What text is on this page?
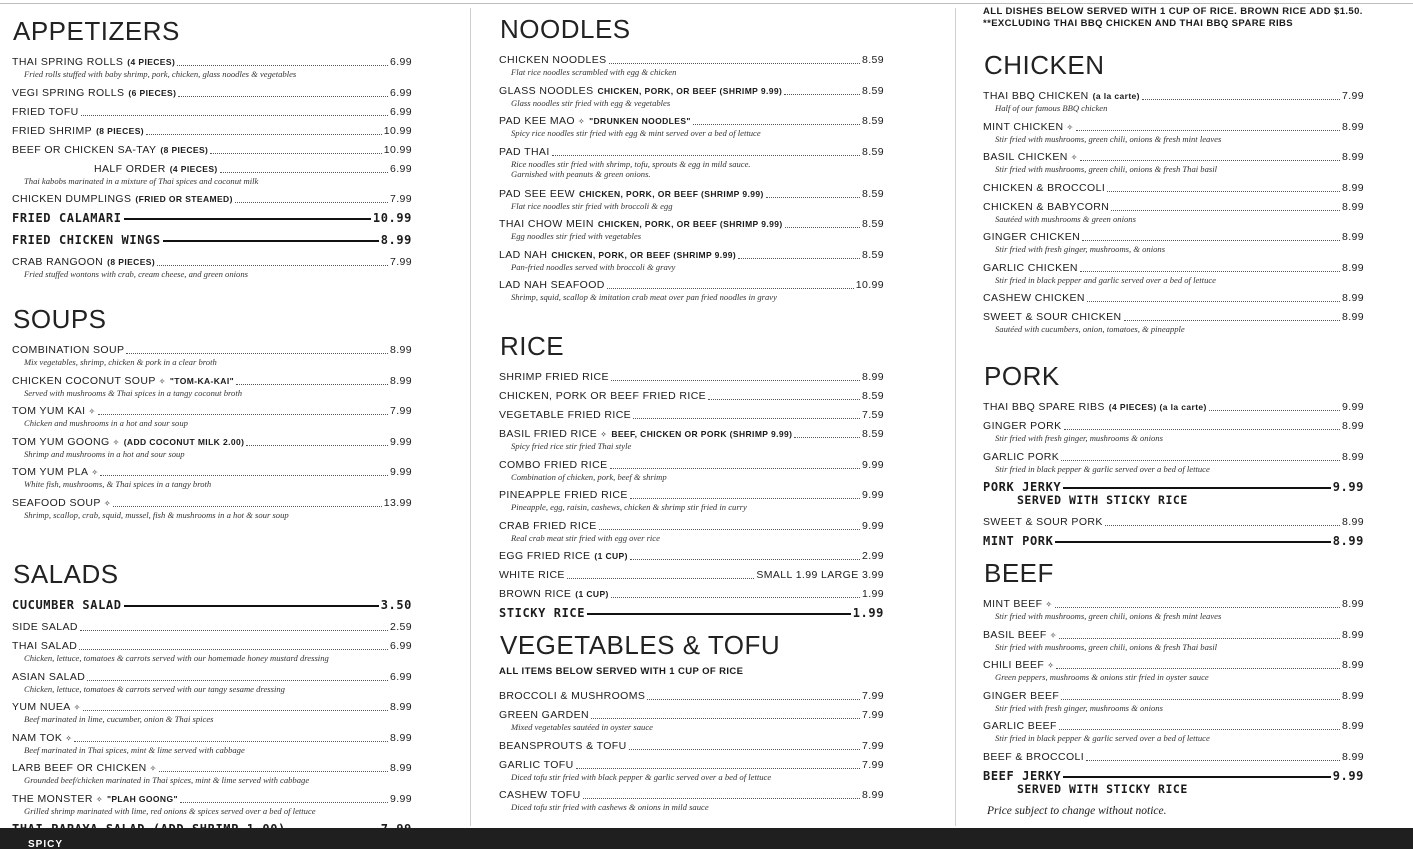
APPETIZERS
THAI SPRING ROLLS (4 PIECES)	6.99
Fried rolls stuffed with baby shrimp, pork, chicken, glass noodles & vegetables
VEGI SPRING ROLLS (6 PIECES)	6.99
FRIED TOFU	6.99
FRIED SHRIMP (8 PIECES)	10.99
BEEF OR CHICKEN SA-TAY (8 PIECES)	10.99
HALF ORDER (4 PIECES)	6.99
Thai kabobs marinated in a mixture of Thai spices and coconut milk
CHICKEN DUMPLINGS (FRIED OR STEAMED)	7.99
FRIED CALAMARI	10.99
FRIED CHICKEN WINGS	8.99
CRAB RANGOON (8 PIECES)	7.99
Fried stuffed wontons with crab, cream cheese, and green onions
SOUPS
COMBINATION SOUP	8.99
Mix vegetables, shrimp, chicken & pork in a clear broth
CHICKEN COCONUT SOUP ✧ "TOM-KA-KAI"	8.99
Served with mushrooms & Thai spices in a tangy coconut broth
TOM YUM KAI ✧	7.99
Chicken and mushrooms in a hot and sour soup
TOM YUM GOONG ✧ (ADD COCONUT MILK 2.00)	9.99
Shrimp and mushrooms in a hot and sour soup
TOM YUM PLA ✧	9.99
White fish, mushrooms, & Thai spices in a tangy broth
SEAFOOD SOUP ✧	13.99
Shrimp, scallop, crab, squid, mussel, fish & mushrooms in a hot & sour soup
SALADS
CUCUMBER SALAD	3.50
SIDE SALAD	2.59
THAI SALAD	6.99
Chicken, lettuce, tomatoes & carrots served with our homemade honey mustard dressing
ASIAN SALAD	6.99
Chicken, lettuce, tomatoes & carrots served with our tangy sesame dressing
YUM NUEA ✧	8.99
Beef marinated in lime, cucumber, onion & Thai spices
NAM TOK ✧	8.99
Beef marinated in Thai spices, mint & lime served with cabbage
LARB BEEF OR CHICKEN ✧	8.99
Grounded beef/chicken marinated in Thai spices, mint & lime served with cabbage
THE MONSTER ✧ "PLAH GOONG"	9.99
Grilled shrimp marinated with lime, red onions & spices served over a bed of lettuce
NOODLES
CHICKEN NOODLES	8.59
Flat rice noodles scrambled with egg & chicken
GLASS NOODLES CHICKEN, PORK, OR BEEF (SHRIMP 9.99)	8.59
Glass noodles stir fried with egg & vegetables
PAD KEE MAO ✧ "DRUNKEN NOODLES"	8.59
Spicy rice noodles stir fried with egg & mint served over a bed of lettuce
PAD THAI	8.59
Rice noodles stir fried with shrimp, tofu, sprouts & egg in mild sauce.
Garnished with peanuts & green onions.
PAD SEE EEW CHICKEN, PORK, OR BEEF (SHRIMP 9.99)	8.59
Flat rice noodles stir fried with broccoli & egg
THAI CHOW MEIN CHICKEN, PORK, OR BEEF (SHRIMP 9.99)	8.59
Egg noodles stir fried with vegetables
LAD NAH CHICKEN, PORK, OR BEEF (SHRIMP 9.99)	8.59
Pan-fried noodles served with broccoli & gravy
LAD NAH SEAFOOD	10.99
Shrimp, squid, scallop & imitation crab meat over pan fried noodles in gravy
RICE
SHRIMP FRIED RICE	8.99
CHICKEN, PORK OR BEEF FRIED RICE	8.59
VEGETABLE FRIED RICE	7.59
BASIL FRIED RICE ✧ BEEF, CHICKEN OR PORK (SHRIMP 9.99)	8.59
Spicy fried rice stir fried Thai style
COMBO FRIED RICE	9.99
Combination of chicken, pork, beef & shrimp
PINEAPPLE FRIED RICE	9.99
Pineapple, egg, raisin, cashews, chicken & shrimp stir fried in curry
CRAB FRIED RICE	9.99
Real crab meat stir fried with egg over rice
EGG FRIED RICE (1 CUP)	2.99
WHITE RICE	SMALL 1.99 LARGE 3.99
BROWN RICE (1 CUP)	1.99
STICKY RICE	1.99
VEGETABLES & TOFU
ALL ITEMS BELOW SERVED WITH 1 CUP OF RICE
BROCCOLI & MUSHROOMS	7.99
GREEN GARDEN	7.99
Mixed vegetables sautéed in oyster sauce
BEANSPROUTS & TOFU	7.99
GARLIC TOFU	7.99
Diced tofu stir fried with black pepper & garlic served over a bed of lettuce
CASHEW TOFU	8.99
Diced tofu stir fried with cashews & onions in mild sauce
ALL DISHES BELOW SERVED WITH 1 CUP OF RICE. BROWN RICE ADD $1.50.
**EXCLUDING THAI BBQ CHICKEN AND THAI BBQ SPARE RIBS
CHICKEN
THAI BBQ CHICKEN (a la carte)	7.99
Half of our famous BBQ chicken
MINT CHICKEN ✧	8.99
Stir fried with mushrooms, green chili, onions & fresh mint leaves
BASIL CHICKEN ✧	8.99
Stir fried with mushrooms, green chili, onions & fresh Thai basil
CHICKEN & BROCCOLI	8.99
CHICKEN & BABYCORN	8.99
Sautéed with mushrooms & green onions
GINGER CHICKEN	8.99
Stir fried with fresh ginger, mushrooms, & onions
GARLIC CHICKEN	8.99
Stir fried in black pepper and garlic served over a bed of lettuce
CASHEW CHICKEN	8.99
SWEET & SOUR CHICKEN	8.99
Sautéed with cucumbers, onion, tomatoes, & pineapple
PORK
THAI BBQ SPARE RIBS (4 PIECES) (a la carte)	9.99
GINGER PORK	8.99
Stir fried with fresh ginger, mushrooms & onions
GARLIC PORK	8.99
Stir fried in black pepper & garlic served over a bed of lettuce
PORK JERKY	9.99
SERVED WITH STICKY RICE
SWEET & SOUR PORK	8.99
MINT PORK	8.99
BEEF
MINT BEEF ✧	8.99
Stir fried with mushrooms, green chili, onions & fresh mint leaves
BASIL BEEF ✧	8.99
Stir fried with mushrooms, green chili, onions & fresh Thai basil
CHILI BEEF ✧	8.99
Green peppers, mushrooms & onions stir fried in oyster sauce
GINGER BEEF	8.99
Stir fried with fresh ginger, mushrooms & onions
GARLIC BEEF	8.99
Stir fried in black pepper & garlic served over a bed of lettuce
BEEF & BROCCOLI	8.99
BEEF JERKY	9.99
SERVED WITH STICKY RICE
Price subject to change without notice.
SPICY
